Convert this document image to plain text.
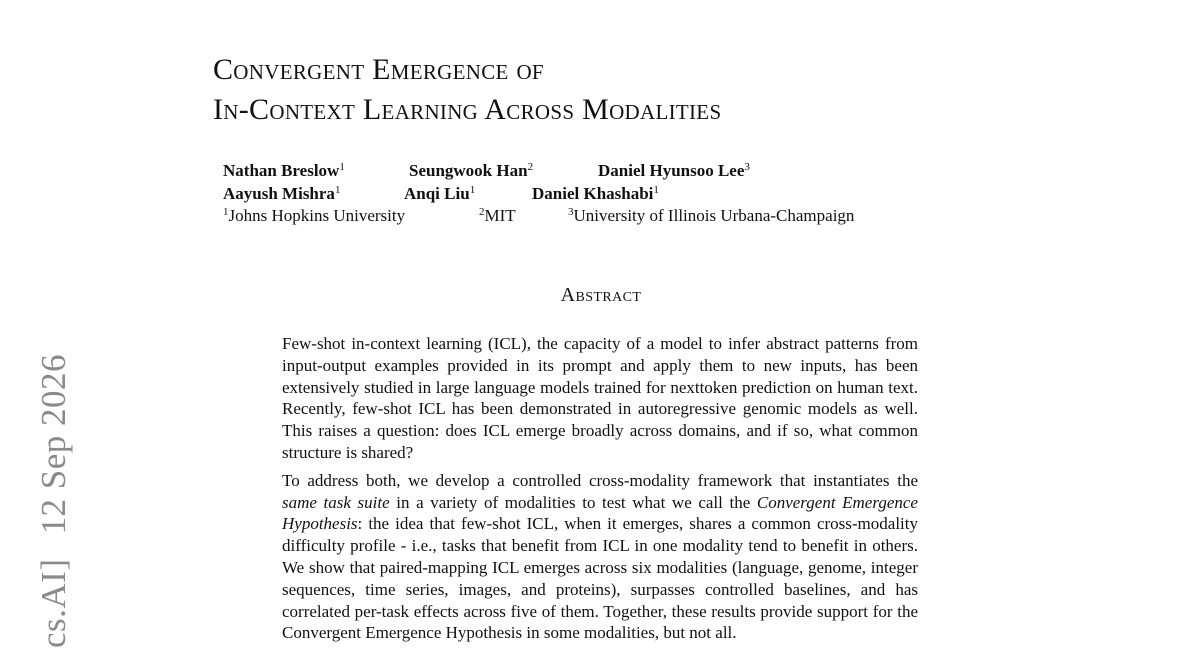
cs.AI]12 Sep 2026
Convergent Emergence of
In-Context Learning Across Modalities
Nathan Breslow$^1$	Seungwook Han$^2$	Daniel Hyunsoo Lee$^3$
Aayush Mishra$^1$	Anqi Liu$^1$	Daniel Khashabi$^1$
$^1$Johns Hopkins University	$^2$MIT	$^3$University of Illinois Urbana-Champaign
Abstract

Few-shot in-context learning (ICL), the capacity of a model to infer abstract patterns from input-output examples provided in its prompt and apply them to new inputs, has been extensively studied in large language models trained for nexttoken prediction on human text. Recently, few-shot ICL has been demonstrated in autoregressive genomic models as well. This raises a question: does ICL emerge broadly across domains, and if so, what common structure is shared?

To address both, we develop a controlled cross-modality framework that instantiates the same task suite in a variety of modalities to test what we call the Convergent Emergence Hypothesis: the idea that few-shot ICL, when it emerges, shares a common cross-modality difficulty profile - i.e., tasks that benefit from ICL in one modality tend to benefit in others. We show that paired-mapping ICL emerges across six modalities (language, genome, integer sequences, time series, images, and proteins), surpasses controlled baselines, and has correlated per-task effects across five of them. Together, these results provide support for the Convergent Emergence Hypothesis in some modalities, but not all.
